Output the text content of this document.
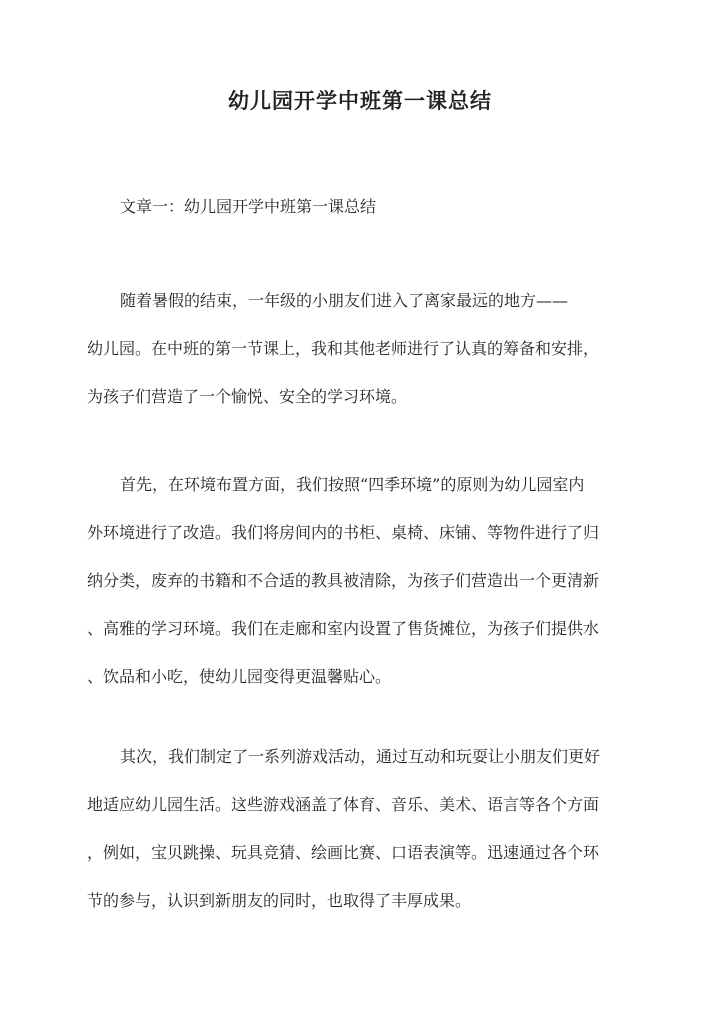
幼儿园开学中班第一课总结

文章一：幼儿园开学中班第一课总结

随着暑假的结束，一年级的小朋友们进入了离家最远的地方——
幼儿园。在中班的第一节课上，我和其他老师进行了认真的筹备和安排，
为孩子们营造了一个愉悦、安全的学习环境。
首先，在环境布置方面，我们按照“四季环境”的原则为幼儿园室内
外环境进行了改造。我们将房间内的书柜、桌椅、床铺、等物件进行了归
纳分类，废弃的书籍和不合适的教具被清除，为孩子们营造出一个更清新
、高雅的学习环境。我们在走廊和室内设置了售货摊位，为孩子们提供水
、饮品和小吃，使幼儿园变得更温馨贴心。
其次，我们制定了一系列游戏活动，通过互动和玩耍让小朋友们更好
地适应幼儿园生活。这些游戏涵盖了体育、音乐、美术、语言等各个方面
，例如，宝贝跳操、玩具竞猜、绘画比赛、口语表演等。迅速通过各个环
节的参与，认识到新朋友的同时，也取得了丰厚成果。
